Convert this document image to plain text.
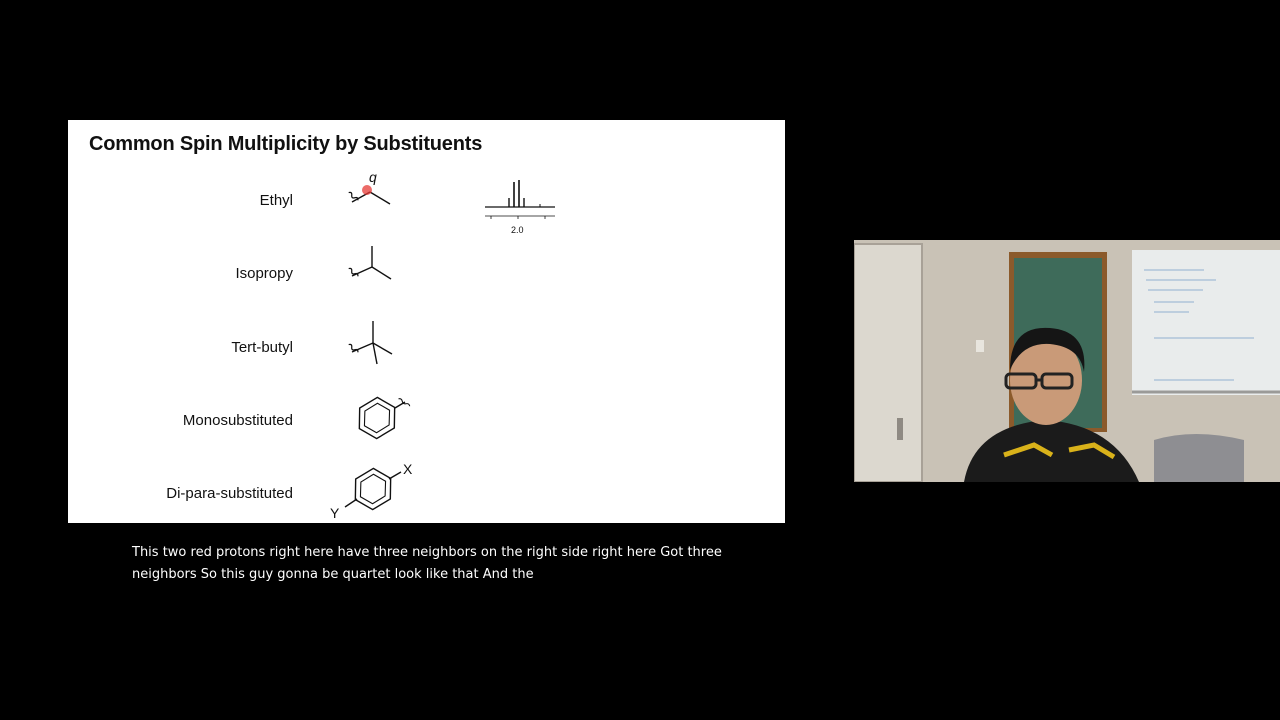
Common Spin Multiplicity by Substituents
Ethyl
Isopropy
Tert-butyl
Monosubstituted
Di-para-substituted
q
2.0
X
Y
This two red protons right here have three neighbors on the right side right here Got three neighbors So this guy gonna be quartet look like that And the
